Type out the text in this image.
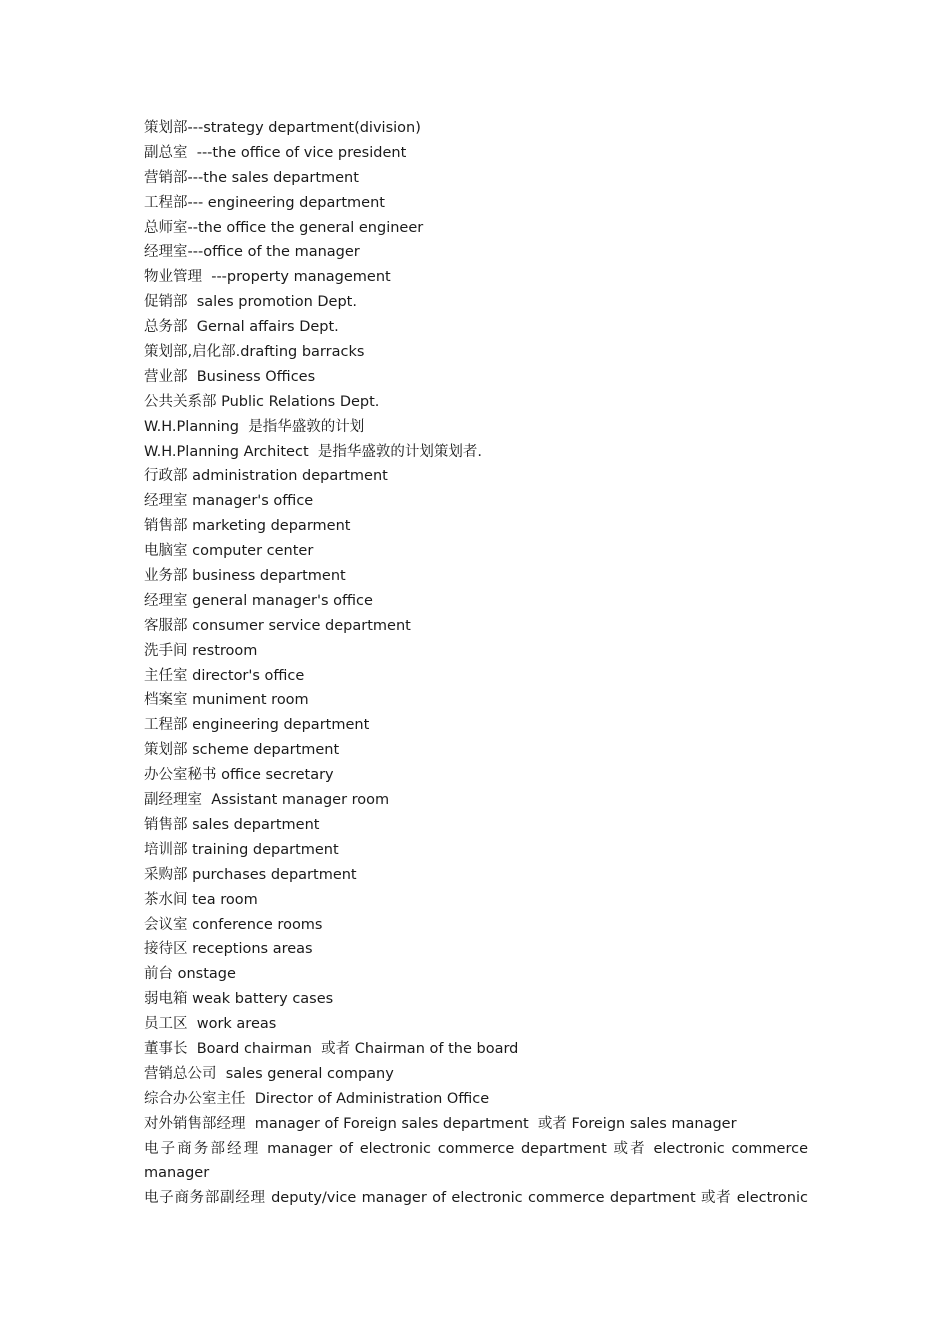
策划部---strategy department(division)
副总室  ---the office of vice president
营销部---the sales department
工程部--- engineering department
总师室--the office the general engineer
经理室---office of the manager
物业管理  ---property management
促销部  sales promotion Dept.
总务部  Gernal affairs Dept.
策划部,启化部.drafting barracks
营业部  Business Offices
公共关系部 Public Relations Dept.
W.H.Planning  是指华盛敦的计划
W.H.Planning Architect  是指华盛敦的计划策划者.
行政部 administration department
经理室 manager's office
销售部 marketing deparment
电脑室 computer center
业务部 business department
经理室 general manager's office
客服部 consumer service department
洗手间 restroom
主任室 director's office
档案室 muniment room
工程部 engineering department
策划部 scheme department
办公室秘书 office secretary
副经理室  Assistant manager room
销售部 sales department
培训部 training department
采购部 purchases department
茶水间 tea room
会议室 conference rooms
接待区 receptions areas
前台 onstage
弱电箱 weak battery cases
员工区  work areas
董事长  Board chairman  或者 Chairman of the board
营销总公司  sales general company
综合办公室主任  Director of Administration Office
对外销售部经理  manager of Foreign sales department  或者 Foreign sales manager
电子商务部经理 manager of electronic commerce department 或者 electronic commerce manager
电子商务部副经理 deputy/vice manager of electronic commerce department 或者 electronic
